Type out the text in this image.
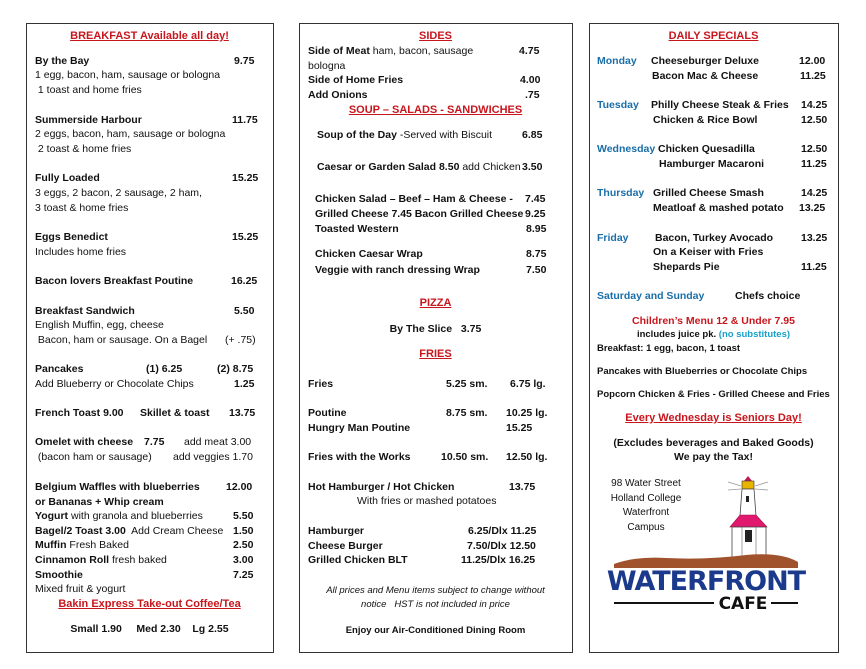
BREAKFAST Available all day!
By the Bay	9.75
1 egg, bacon, ham, sausage or bologna
1 toast and home fries
Summerside Harbour	11.75
2 eggs, bacon, ham, sausage or bologna
2 toast & home fries
Fully Loaded	15.25
3 eggs, 2 bacon, 2 sausage, 2 ham,
3 toast & home fries
Eggs Benedict	15.25
Includes home fries
Bacon lovers Breakfast Poutine	16.25
Breakfast Sandwich	5.50
English Muffin, egg, cheese
Bacon, ham or sausage. On a Bagel (+ .75)
Pancakes	(1) 6.25	(2) 8.75
Add Blueberry or Chocolate Chips	1.25
French Toast 9.00 Skillet & toast 13.75
Omelet with cheese 7.75 add meat 3.00
(bacon ham or sausage) add veggies 1.70
Belgium Waffles with blueberries	12.00
or Bananas + Whip cream
Yogurt with granola and blueberries	5.50
Bagel/2 Toast 3.00  Add Cream Cheese 1.50
Muffin Fresh Baked	2.50
Cinnamon Roll fresh baked	3.00
Smoothie	7.25
Mixed fruit & yogurt
Bakin Express Take-out Coffee/Tea
Small 1.90     Med 2.30    Lg 2.55
SIDES
Side of Meat ham, bacon, sausage	4.75
bologna
Side of Home Fries	4.00
Add Onions	.75
SOUP – SALADS - SANDWICHES
Soup of the Day -Served with Biscuit	6.85
Caesar or Garden Salad 8.50 add Chicken 3.50
Chicken Salad – Beef – Ham & Cheese - 7.45
Grilled Cheese 7.45 Bacon Grilled Cheese 9.25
Toasted Western	8.95
Chicken Caesar Wrap	8.75
Veggie with ranch dressing Wrap	7.50
PIZZA
By The Slice   3.75
FRIES
Fries	5.25 sm. 6.75 lg.
Poutine	8.75 sm. 10.25 lg.
Hungry Man Poutine	15.25
Fries with the Works	10.50 sm. 12.50 lg.
Hot Hamburger / Hot Chicken	13.75
With fries or mashed potatoes
Hamburger	6.25/Dlx 11.25
Cheese Burger	7.50/Dlx 12.50
Grilled Chicken BLT	11.25/Dlx 16.25
All prices and Menu items subject to change without
notice   HST is not included in price
Enjoy our Air-Conditioned Dining Room
DAILY SPECIALS
Monday Cheeseburger Deluxe	12.00
Bacon Mac & Cheese	11.25
Tuesday Philly Cheese Steak & Fries 14.25
Chicken & Rice Bowl	12.50
Wednesday Chicken Quesadilla	12.50
Hamburger Macaroni	11.25
Thursday Grilled Cheese Smash	14.25
Meatloaf & mashed potato 13.25
Friday	Bacon, Turkey Avocado	13.25
On a Keiser with Fries
Shepards Pie	11.25
Saturday and Sunday	Chefs choice
Children’s Menu 12 & Under 7.95
includes juice pk. (no substitutes)
Breakfast: 1 egg, bacon, 1 toast
Pancakes with Blueberries or Chocolate Chips
Popcorn Chicken & Fries - Grilled Cheese and Fries
Every Wednesday is Seniors Day!
(Excludes beverages and Baked Goods)
We pay the Tax!
98 Water Street
Holland College
Waterfront
Campus
WATERFRONT
CAFE
